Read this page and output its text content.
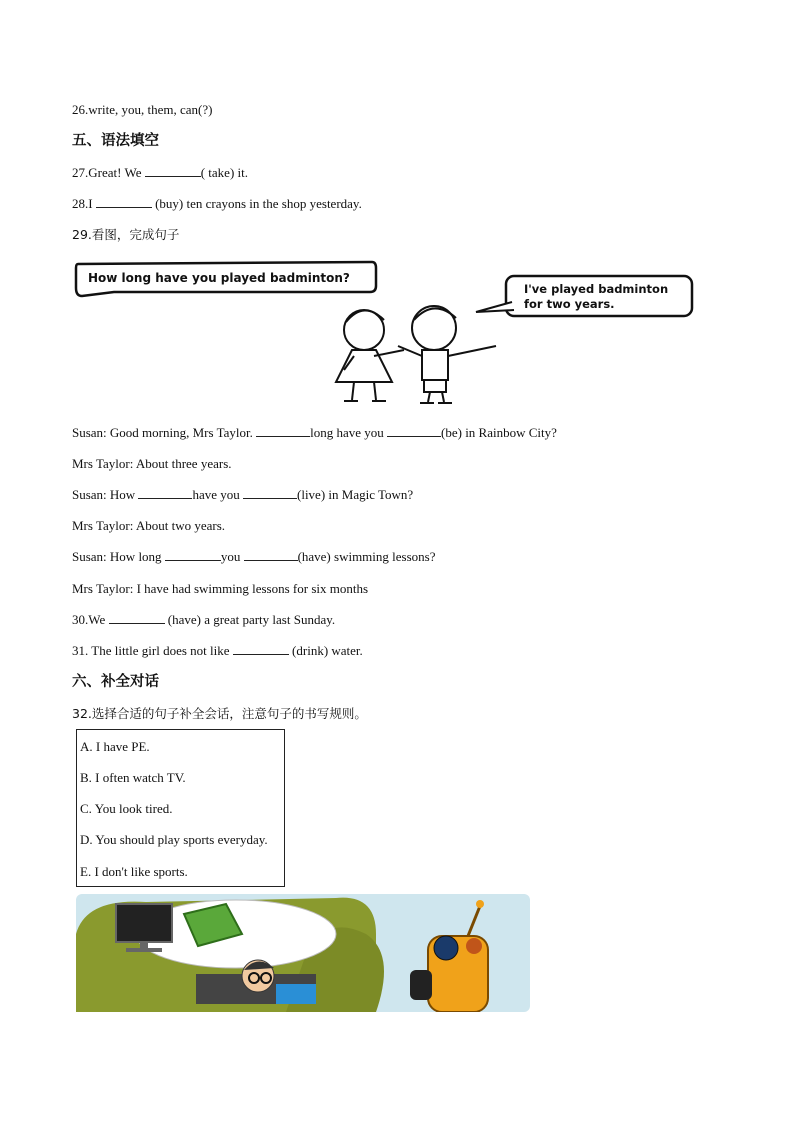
26.write, you, them, can(?)
五、语法填空
27.Great! We	( take) it.
28.I	(buy) ten crayons in the shop yesterday.
29.看图，完成句子
How long have you played badminton?
I've played badminton
for two years.
Susan: Good morning, Mrs Taylor.	long have you	(be) in Rainbow City?
Mrs Taylor: About three years.
Susan: How	have you	(live) in Magic Town?
Mrs Taylor: About two years.
Susan: How long	you	(have) swimming lessons?
Mrs Taylor: I have had swimming lessons for six months
30.We	(have) a great party last Sunday.
31. The little girl does not like	(drink) water.
六、补全对话
32.选择合适的句子补全会话，注意句子的书写规则。
A. I have PE.
B. I often watch TV.
C. You look tired.
D. You should play sports everyday.
E. I don't like sports.
